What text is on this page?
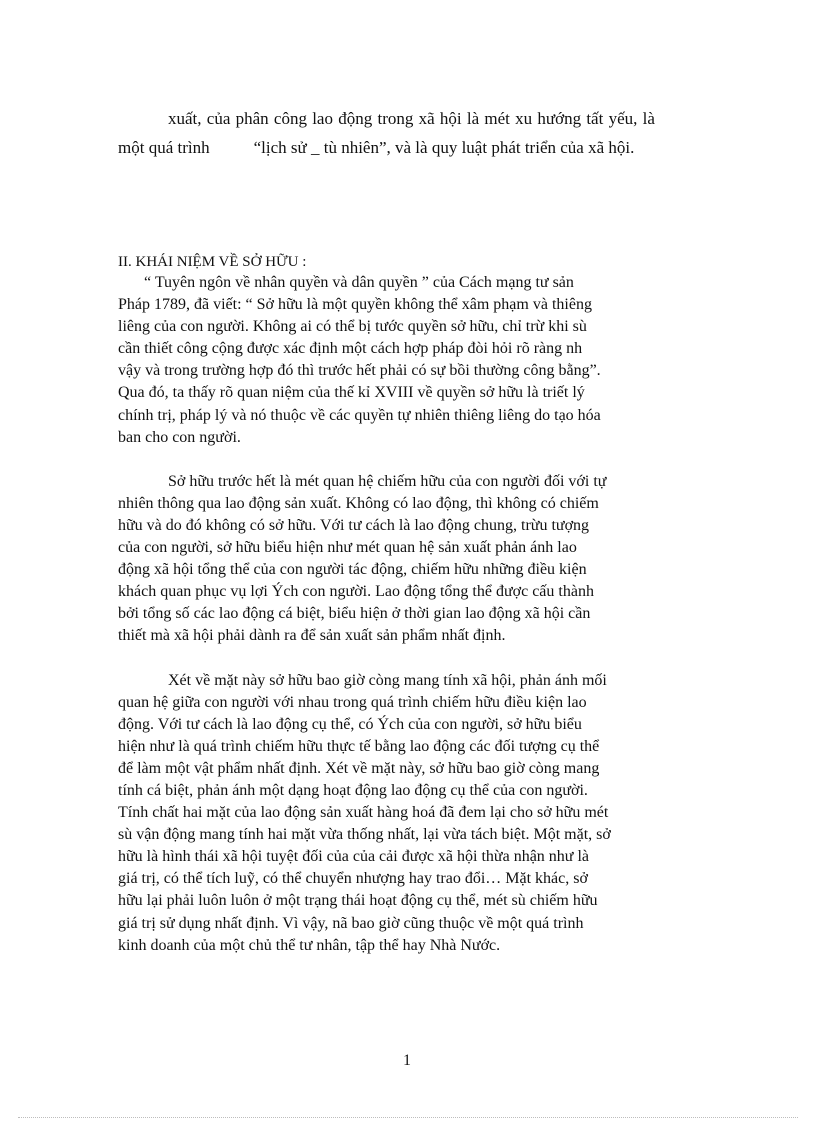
xuất, của phân công lao động trong xã hội là mét xu hướng tất yếu, là
một quá trình	“lịch sử _ tù nhiên”, và là quy luật phát triển của xã hội.
II. KHÁI NIỆM VỀ SỞ HỮU :

“ Tuyên ngôn về nhân quyền và dân quyền ” của Cách mạng tư sản
Pháp 1789, đã viết: “ Sở hữu là một quyền không thể xâm phạm và thiêng
liêng của con người. Không ai có thể bị tước quyền sở hữu, chỉ trừ khi sù
cần thiết công cộng được xác định một cách hợp pháp đòi hỏi rõ ràng nh
vậy và trong trường hợp đó thì trước hết phải có sự bồi thường công bằng”.
Qua đó, ta thấy rõ quan niệm của thế kỉ XVIII về quyền sở hữu là triết lý
chính trị, pháp lý và nó thuộc về các quyền tự nhiên thiêng liêng do tạo hóa
ban cho con người.

Sở hữu trước hết là mét quan hệ chiếm hữu của con người đối với tự
nhiên thông qua lao động sản xuất. Không có lao động, thì không có chiếm
hữu và do đó không có sở hữu. Với tư cách là lao động chung, trừu tượng
của con người, sở hữu biểu hiện như mét quan hệ sản xuất phản ánh lao
động xã hội tổng thể của con người tác động, chiếm hữu những điều kiện
khách quan phục vụ lợi Ých con người. Lao động tổng thể được cấu thành
bởi tổng số các lao động cá biệt, biểu hiện ở thời gian lao động xã hội cần
thiết mà xã hội phải dành ra để sản xuất sản phẩm nhất định.

Xét về mặt này sở hữu bao giờ còng mang tính xã hội, phản ánh mối
quan hệ giữa con người với nhau trong quá trình chiếm hữu điều kiện lao
động. Với tư cách là lao động cụ thể, có Ých của con người, sở hữu biểu
hiện như là quá trình chiếm hữu thực tế bằng lao động các đối tượng cụ thể
để làm một vật phẩm nhất định. Xét về mặt này, sở hữu bao giờ còng mang
tính cá biệt, phản ánh một dạng hoạt động lao động cụ thể của con người.
Tính chất hai mặt của lao động sản xuất hàng hoá đã đem lại cho sở hữu mét
sù vận động mang tính hai mặt vừa thống nhất, lại vừa tách biệt. Một mặt, sở
hữu là hình thái xã hội tuyệt đối của của cải được xã hội thừa nhận như là
giá trị, có thể tích luỹ, có thể chuyển nhượng hay trao đổi… Mặt khác, sở
hữu lại phải luôn luôn ở một trạng thái hoạt động cụ thể, mét sù chiếm hữu
giá trị sử dụng nhất định. Vì vậy, nã bao giờ cũng thuộc về một quá trình
kinh doanh của một chủ thể tư nhân, tập thể hay Nhà Nước.

1
